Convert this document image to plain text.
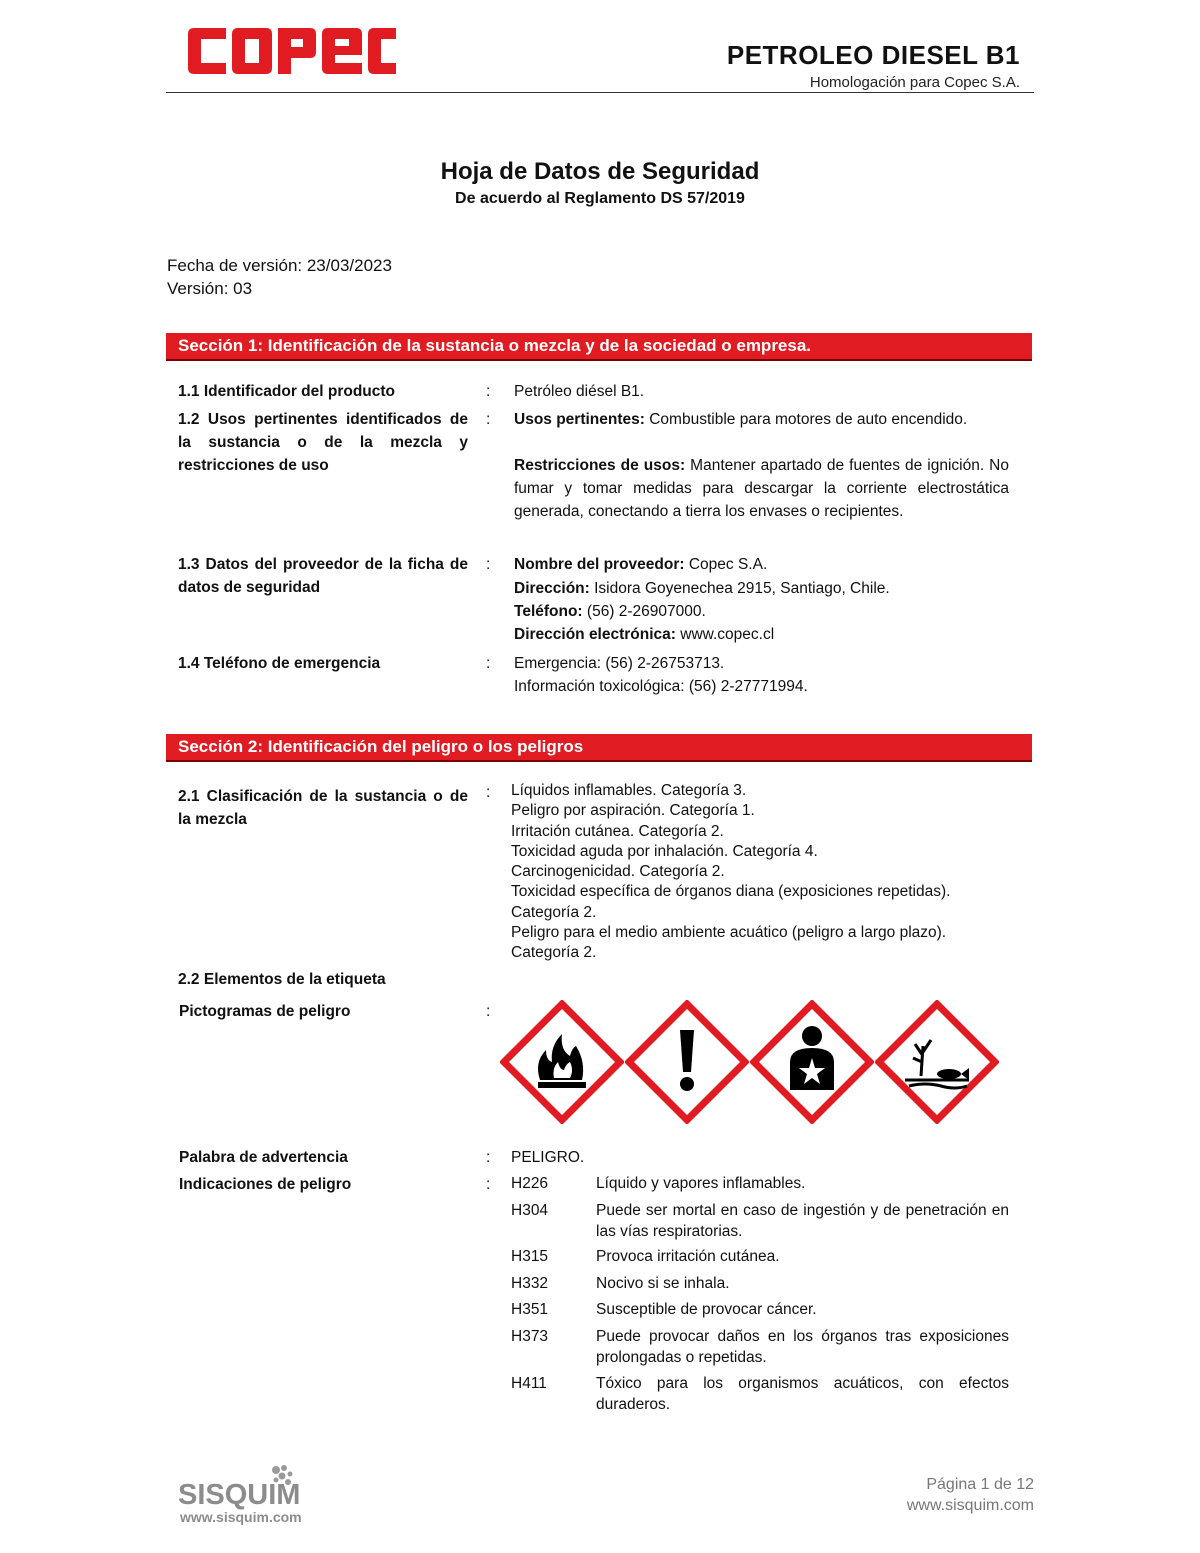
PETROLEO DIESEL B1
Homologación para Copec S.A.
Hoja de Datos de Seguridad
De acuerdo al Reglamento DS 57/2019
Fecha de versión: 23/03/2023
Versión: 03
Sección 1: Identificación de la sustancia o mezcla y de la sociedad o empresa.
1.1 Identificador del producto	: Petróleo diésel B1.
1.2 Usos pertinentes identificados de la sustancia o de la mezcla y restricciones de uso
: Usos pertinentes: Combustible para motores de auto encendido.
Restricciones de usos: Mantener apartado de fuentes de ignición. No fumar y tomar medidas para descargar la corriente electrostática generada, conectando a tierra los envases o recipientes.
1.3 Datos del proveedor de la ficha de datos de seguridad
: Nombre del proveedor: Copec S.A.
Dirección: Isidora Goyenechea 2915, Santiago, Chile.
Teléfono: (56) 2-26907000.
Dirección electrónica: www.copec.cl
1.4 Teléfono de emergencia	: Emergencia: (56) 2-26753713.
Información toxicológica: (56) 2-27771994.
Sección 2: Identificación del peligro o los peligros
2.1 Clasificación de la sustancia o de la mezcla
: Líquidos inflamables. Categoría 3.
Peligro por aspiración. Categoría 1.
Irritación cutánea. Categoría 2.
Toxicidad aguda por inhalación. Categoría 4.
Carcinogenicidad. Categoría 2.
Toxicidad específica de órganos diana (exposiciones repetidas).
Categoría 2.
Peligro para el medio ambiente acuático (peligro a largo plazo).
Categoría 2.
2.2 Elementos de la etiqueta
Pictogramas de peligro	:
Palabra de advertencia	: PELIGRO.
Indicaciones de peligro	: H226	Líquido y vapores inflamables.
H304	Puede ser mortal en caso de ingestión y de penetración en las vías respiratorias.
H315	Provoca irritación cutánea.
H332	Nocivo si se inhala.
H351	Susceptible de provocar cáncer.
H373	Puede provocar daños en los órganos tras exposiciones prolongadas o repetidas.
H411	Tóxico para los organismos acuáticos, con efectos duraderos.
SISQUIM
www.sisquim.com
Página 1 de 12
www.sisquim.com
